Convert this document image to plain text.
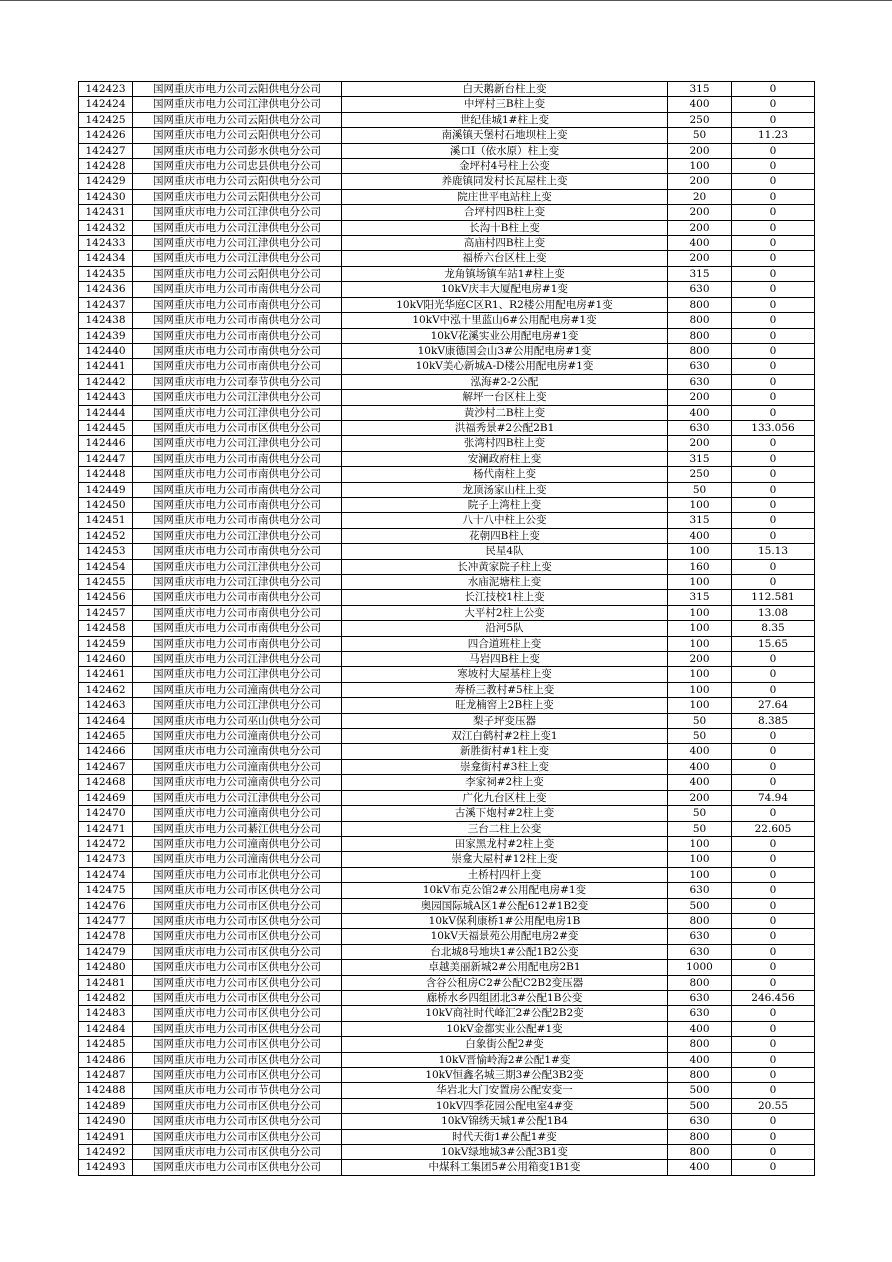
142423	国网重庆市电力公司云阳供电分公司	白天鹅新台柱上变	315	0
142424	国网重庆市电力公司江津供电分公司	中坪村三B柱上变	400	0
142425	国网重庆市电力公司云阳供电分公司	世纪佳城1#柱上变	250	0
142426	国网重庆市电力公司云阳供电分公司	南溪镇天堡村石地坝柱上变	50	11.23
142427	国网重庆市电力公司彭水供电分公司	溪口Ⅰ（依水原）柱上变	200	0
142428	国网重庆市电力公司忠县供电分公司	金坪村4号柱上公变	100	0
142429	国网重庆市电力公司云阳供电分公司	养鹿镇同发村长瓦屋柱上变	200	0
142430	国网重庆市电力公司云阳供电分公司	院庄世平电站柱上变	20	0
142431	国网重庆市电力公司江津供电分公司	合坪村四B柱上变	200	0
142432	国网重庆市电力公司江津供电分公司	长沟十B柱上变	200	0
142433	国网重庆市电力公司江津供电分公司	高庙村四B柱上变	400	0
142434	国网重庆市电力公司江津供电分公司	福桥六台区柱上变	200	0
142435	国网重庆市电力公司云阳供电分公司	龙角镇场镇车站1#柱上变	315	0
142436	国网重庆市电力公司市南供电分公司	10kV庆丰大厦配电房#1变	630	0
142437	国网重庆市电力公司市南供电分公司	10kV阳光华庭C区R1、R2楼公用配电房#1变	800	0
142438	国网重庆市电力公司市南供电分公司	10kV中泓十里蓝山6#公用配电房#1变	800	0
142439	国网重庆市电力公司市南供电分公司	10kV花溪实业公用配电房#1变	800	0
142440	国网重庆市电力公司市南供电分公司	10kV康德国会山3#公用配电房#1变	800	0
142441	国网重庆市电力公司市南供电分公司	10kV美心新城A-D楼公用配电房#1变	630	0
142442	国网重庆市电力公司奉节供电分公司	泓海#2-2公配	630	0
142443	国网重庆市电力公司江津供电分公司	解坪一台区柱上变	200	0
142444	国网重庆市电力公司江津供电分公司	黄沙村二B柱上变	400	0
142445	国网重庆市电力公司市区供电分公司	洪福秀景#2公配2B1	630	133.056
142446	国网重庆市电力公司江津供电分公司	张湾村四B柱上变	200	0
142447	国网重庆市电力公司市南供电分公司	安澜政府柱上变	315	0
142448	国网重庆市电力公司市南供电分公司	杨代南柱上变	250	0
142449	国网重庆市电力公司市南供电分公司	龙顶汤家山柱上变	50	0
142450	国网重庆市电力公司市南供电分公司	院子上湾柱上变	100	0
142451	国网重庆市电力公司市南供电分公司	八十八中柱上公变	315	0
142452	国网重庆市电力公司江津供电分公司	花朝四B柱上变	400	0
142453	国网重庆市电力公司市南供电分公司	民星4队	100	15.13
142454	国网重庆市电力公司江津供电分公司	长冲黄家院子柱上变	160	0
142455	国网重庆市电力公司江津供电分公司	水庙泥塘柱上变	100	0
142456	国网重庆市电力公司市南供电分公司	长江技校1柱上变	315	112.581
142457	国网重庆市电力公司市南供电分公司	大平村2柱上公变	100	13.08
142458	国网重庆市电力公司市南供电分公司	沿河5队	100	8.35
142459	国网重庆市电力公司市南供电分公司	四合道班柱上变	100	15.65
142460	国网重庆市电力公司江津供电分公司	马岩四B柱上变	200	0
142461	国网重庆市电力公司江津供电分公司	寒坡村大屋基柱上变	100	0
142462	国网重庆市电力公司潼南供电分公司	寿桥三教村#5柱上变	100	0
142463	国网重庆市电力公司江津供电分公司	旺龙楠窖上2B柱上变	100	27.64
142464	国网重庆市电力公司巫山供电分公司	梨子坪变压器	50	8.385
142465	国网重庆市电力公司潼南供电分公司	双江白鹤村#2柱上变1	50	0
142466	国网重庆市电力公司潼南供电分公司	新胜街村#1柱上变	400	0
142467	国网重庆市电力公司潼南供电分公司	崇龛街村#3柱上变	400	0
142468	国网重庆市电力公司潼南供电分公司	李家祠#2柱上变	400	0
142469	国网重庆市电力公司江津供电分公司	广化九台区柱上变	200	74.94
142470	国网重庆市电力公司潼南供电分公司	古溪下炮村#2柱上变	50	0
142471	国网重庆市电力公司綦江供电分公司	三台二柱上公变	50	22.605
142472	国网重庆市电力公司潼南供电分公司	田家黑龙村#2柱上变	100	0
142473	国网重庆市电力公司潼南供电分公司	崇龛大屋村#12柱上变	100	0
142474	国网重庆市电力公司市北供电分公司	土桥村四杆上变	100	0
142475	国网重庆市电力公司市区供电分公司	10kV布克公馆2#公用配电房#1变	630	0
142476	国网重庆市电力公司市区供电分公司	奥园国际城A区1#公配612#1B2变	500	0
142477	国网重庆市电力公司市区供电分公司	10kV保利康桥1#公用配电房1B	800	0
142478	国网重庆市电力公司市区供电分公司	10kV天福景苑公用配电房2#变	630	0
142479	国网重庆市电力公司市区供电分公司	台北城8号地块1#公配1B2公变	630	0
142480	国网重庆市电力公司市区供电分公司	卓越美丽新城2#公用配电房2B1	1000	0
142481	国网重庆市电力公司市区供电分公司	含谷公租房C2#公配C2B2变压器	800	0
142482	国网重庆市电力公司市区供电分公司	廊桥水乡四组团北3#公配1B公变	630	246.456
142483	国网重庆市电力公司市区供电分公司	10kV商社时代峰汇2#公配2B2变	630	0
142484	国网重庆市电力公司市区供电分公司	10kV金都实业公配#1变	400	0
142485	国网重庆市电力公司市区供电分公司	白象街公配2#变	800	0
142486	国网重庆市电力公司市区供电分公司	10kV晋愉岭海2#公配1#变	400	0
142487	国网重庆市电力公司市区供电分公司	10kV恒鑫名城三期3#公配3B2变	800	0
142488	国网重庆市电力公司市节供电分公司	华岩北大门安置房公配安变一	500	0
142489	国网重庆市电力公司市区供电分公司	10kV四季花园公配电室4#变	500	20.55
142490	国网重庆市电力公司市区供电分公司	10kV锦绣天城1#公配1B4	630	0
142491	国网重庆市电力公司市区供电分公司	时代天街1#公配1#变	800	0
142492	国网重庆市电力公司市区供电分公司	10kV绿地城3#公配3B1变	800	0
142493	国网重庆市电力公司市区供电分公司	中煤科工集团5#公用箱变1B1变	400	0
